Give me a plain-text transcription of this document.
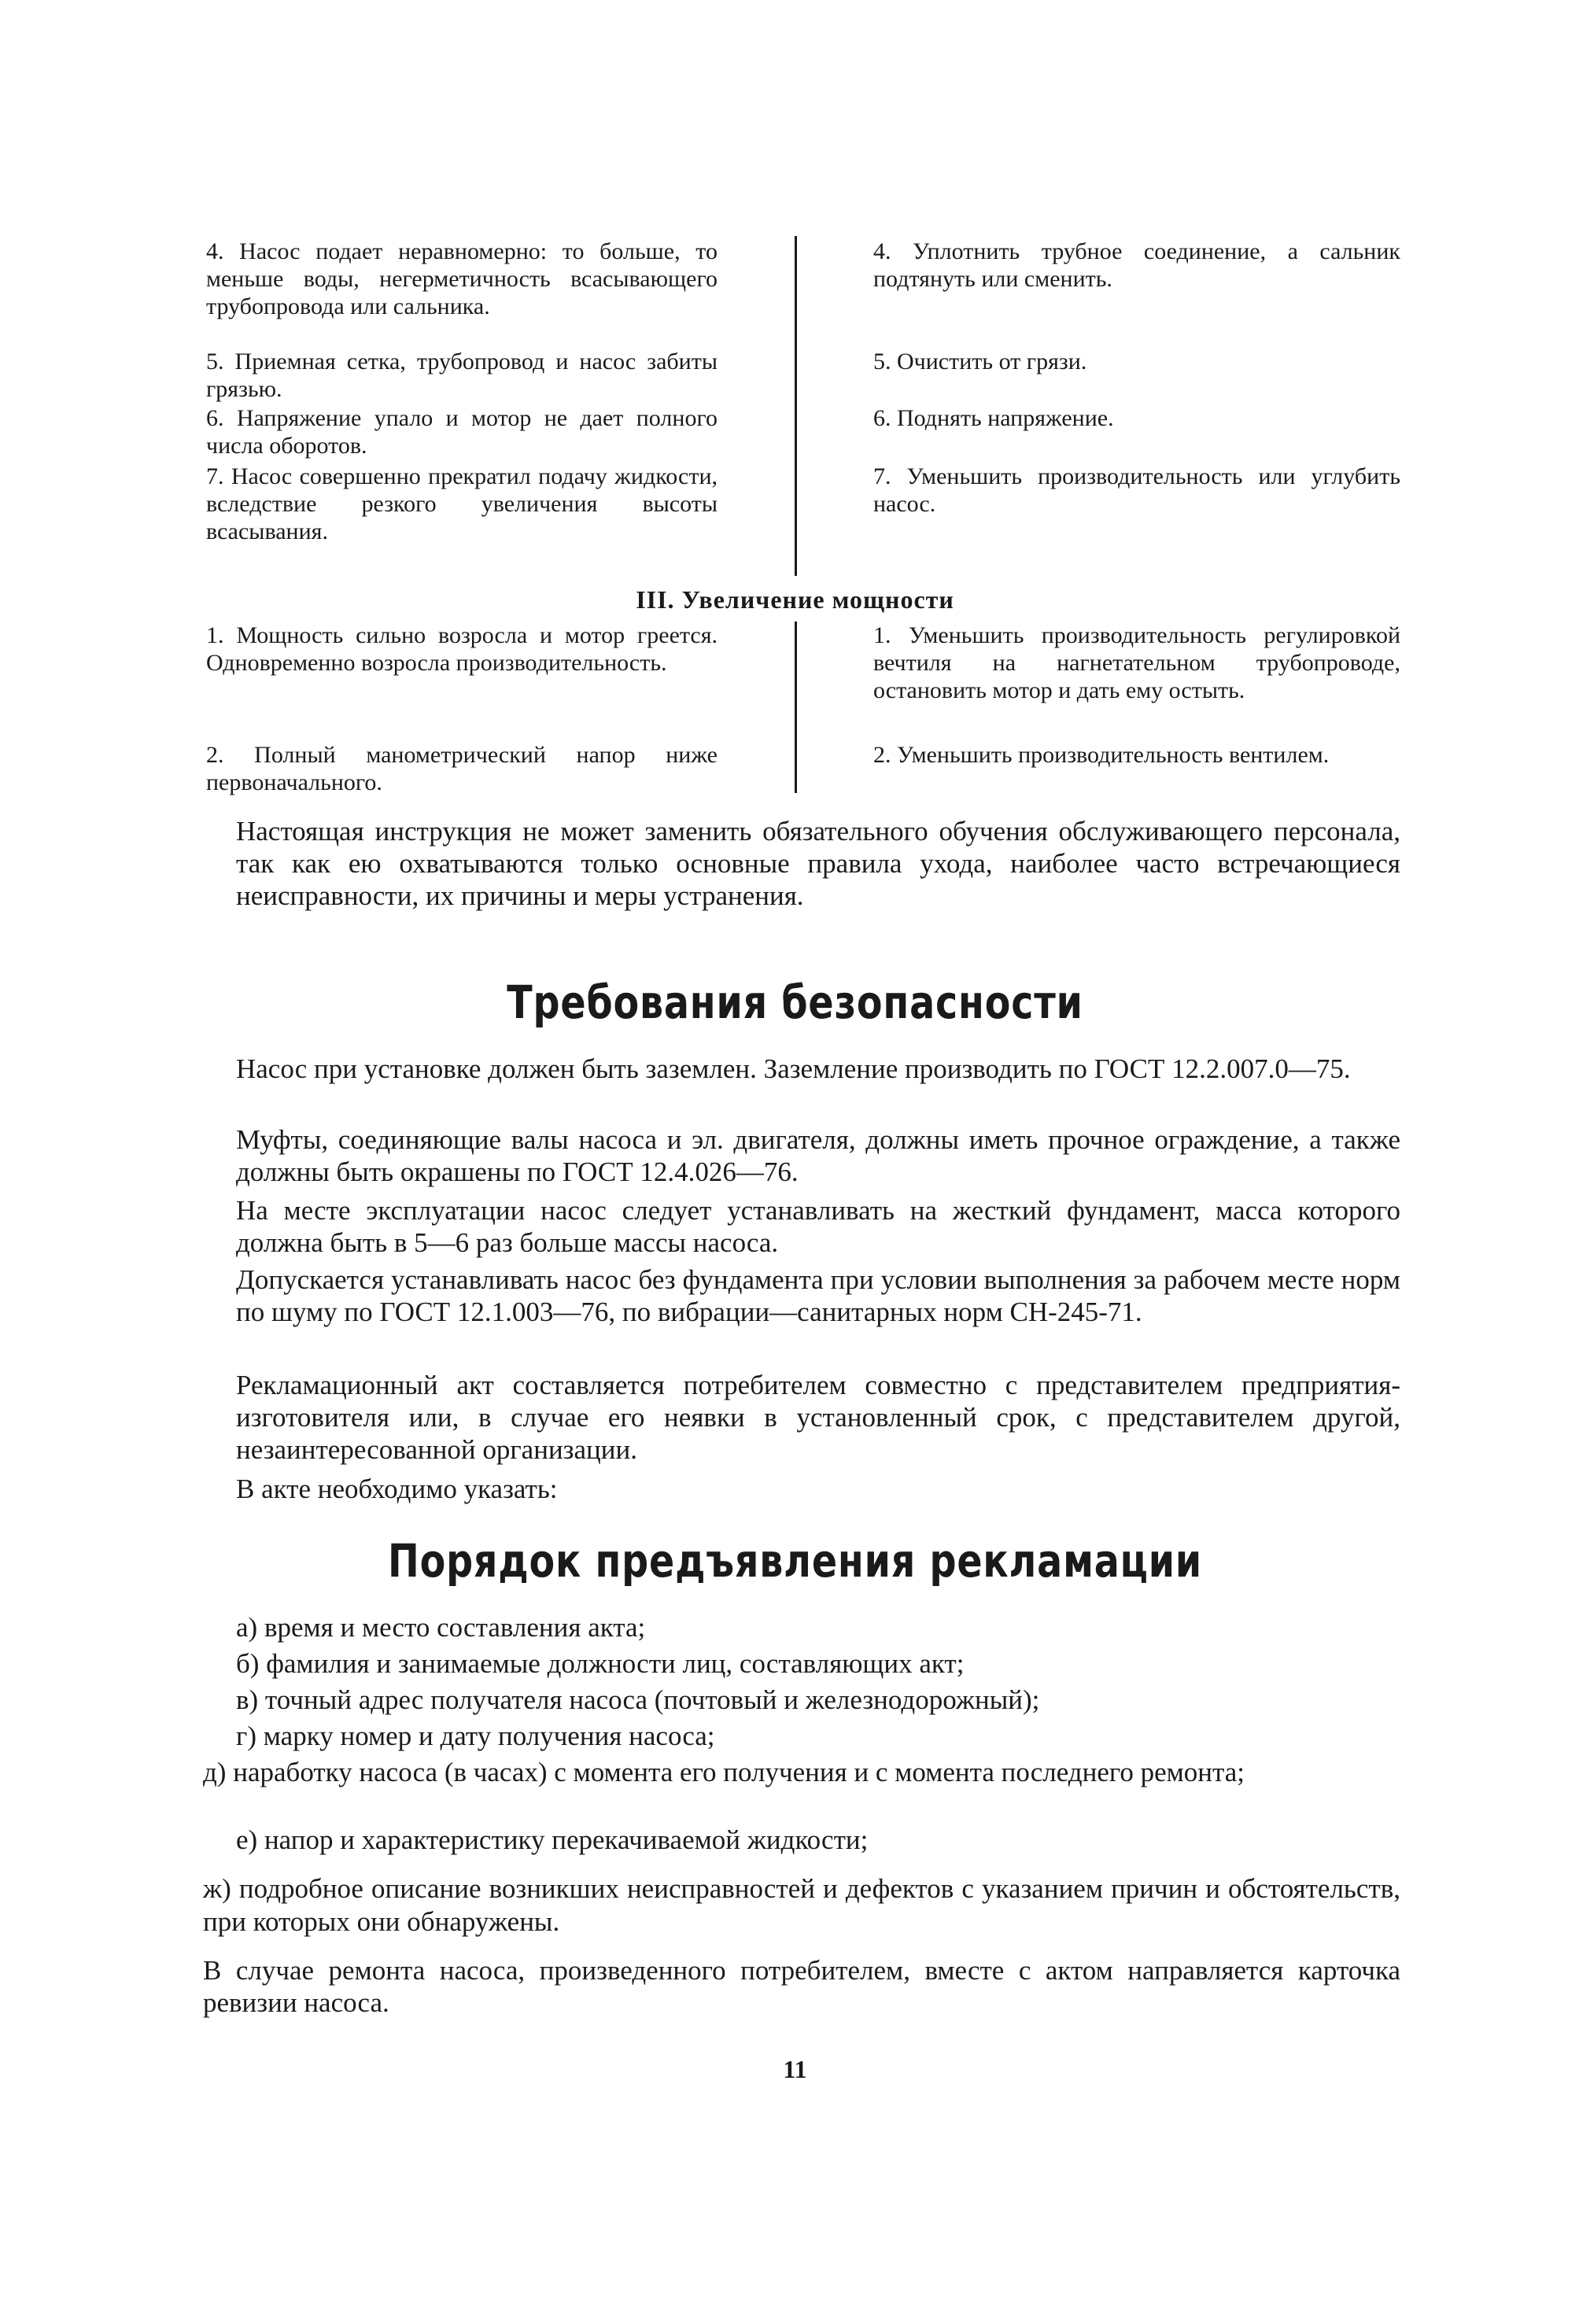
4. Насос подает неравномерно: то больше, то меньше воды, негерметичность всасывающего трубопровода или сальника.
4. Уплотнить трубное соединение, а сальник подтянуть или сменить.
5. Приемная сетка, трубопровод и насос забиты грязью.
5. Очистить от грязи.
6. Напряжение упало и мотор не дает полного числа оборотов.
6. Поднять напряжение.
7. Насос совершенно прекратил подачу жидкости, вследствие резкого увеличения высоты всасывания.
7. Уменьшить производительность или углубить насос.
III. Увеличение мощности
1. Мощность сильно возросла и мотор греется. Одновременно возросла производительность.
1. Уменьшить производительность регулировкой вечтиля на нагнетательном трубопроводе, остановить мотор и дать ему остыть.
2. Полный манометрический напор ниже первоначального.
2. Уменьшить производительность вентилем.
Настоящая инструкция не может заменить обязательного обучения обслуживающего персонала, так как ею охватываются только основные правила ухода, наиболее часто встречающиеся неисправности, их причины и меры устранения.
Требования безопасности
Насос при установке должен быть заземлен. Заземление производить по ГОСТ 12.2.007.0—75.
Муфты, соединяющие валы насоса и эл. двигателя, должны иметь прочное ограждение, а также должны быть окрашены по ГОСТ 12.4.026—76.
На месте эксплуатации насос следует устанавливать на жесткий фундамент, масса которого должна быть в 5—6 раз больше массы насоса.
Допускается устанавливать насос без фундамента при условии выполнения за рабочем месте норм по шуму по ГОСТ 12.1.003—76, по вибрации—санитарных норм СН-245-71.
Рекламационный акт составляется потребителем совместно с представителем предприятия-изготовителя или, в случае его неявки в установленный срок, с представителем другой, незаинтересованной организации.
В акте необходимо указать:
Порядок предъявления рекламации
а) время и место составления акта;
б) фамилия и занимаемые должности лиц, составляющих акт;
в) точный адрес получателя насоса (почтовый и железнодорожный);
г) марку номер и дату получения насоса;
д) наработку насоса (в часах) с момента его получения и с момента последнего ремонта;
е) напор и характеристику перекачиваемой жидкости;
ж) подробное описание возникших неисправностей и дефектов с указанием причин и обстоятельств, при которых они обнаружены.
В случае ремонта насоса, произведенного потребителем, вместе с актом направляется карточка ревизии насоса.
11
